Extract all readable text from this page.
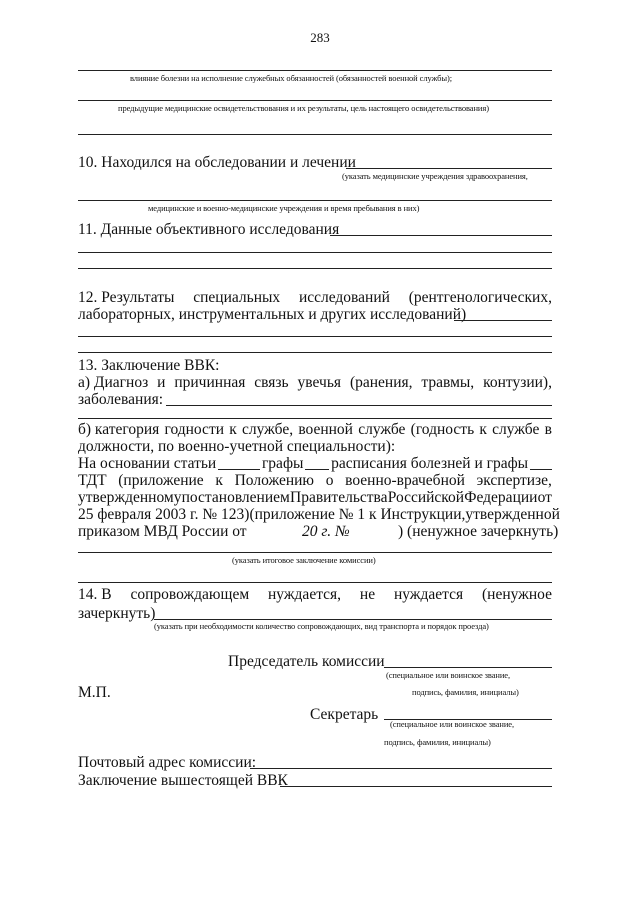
283
влияние болезни на исполнение служебных обязанностей (обязанностей военной службы);
предыдущие медицинские освидетельствования и их результаты, цель настоящего освидетельствования)
10. Находился на обследовании и лечении
(указать медицинские учреждения здравоохранения,
медицинские и военно-медицинские учреждения и время пребывания в них)
11. Данные объективного исследования
12. Результаты специальных исследований (рентгенологических,
лабораторных, инструментальных и других исследований)
13. Заключение ВВК:
а) Диагноз и причинная связь увечья (ранения, травмы, контузии),
заболевания:
б) категория годности к службе, военной службе (годность к службе в
должности, по военно-учетной специальности):
На основании статьи	графы расписания болезней и графы
ТДТ (приложение к Положению о военно-врачебной экспертизе,
утвержденному постановлением Правительства Российской Федерации от
25 февраля 2003 г. № 123) (приложение № 1 к Инструкции, утвержденной
приказом МВД России от	20 г. №	) (ненужное зачеркнуть)
(указать итоговое заключение комиссии)
14. В сопровождающем нуждается, не нуждается (ненужное
зачеркнуть)
(указать при необходимости количество сопровождающих, вид транспорта и порядок проезда)
Председатель комиссии
(специальное или воинское звание,
подпись, фамилия, инициалы)
М.П.
Секретарь
(специальное или воинское звание,
подпись, фамилия, инициалы)
Почтовый адрес комиссии:
Заключение вышестоящей ВВК
